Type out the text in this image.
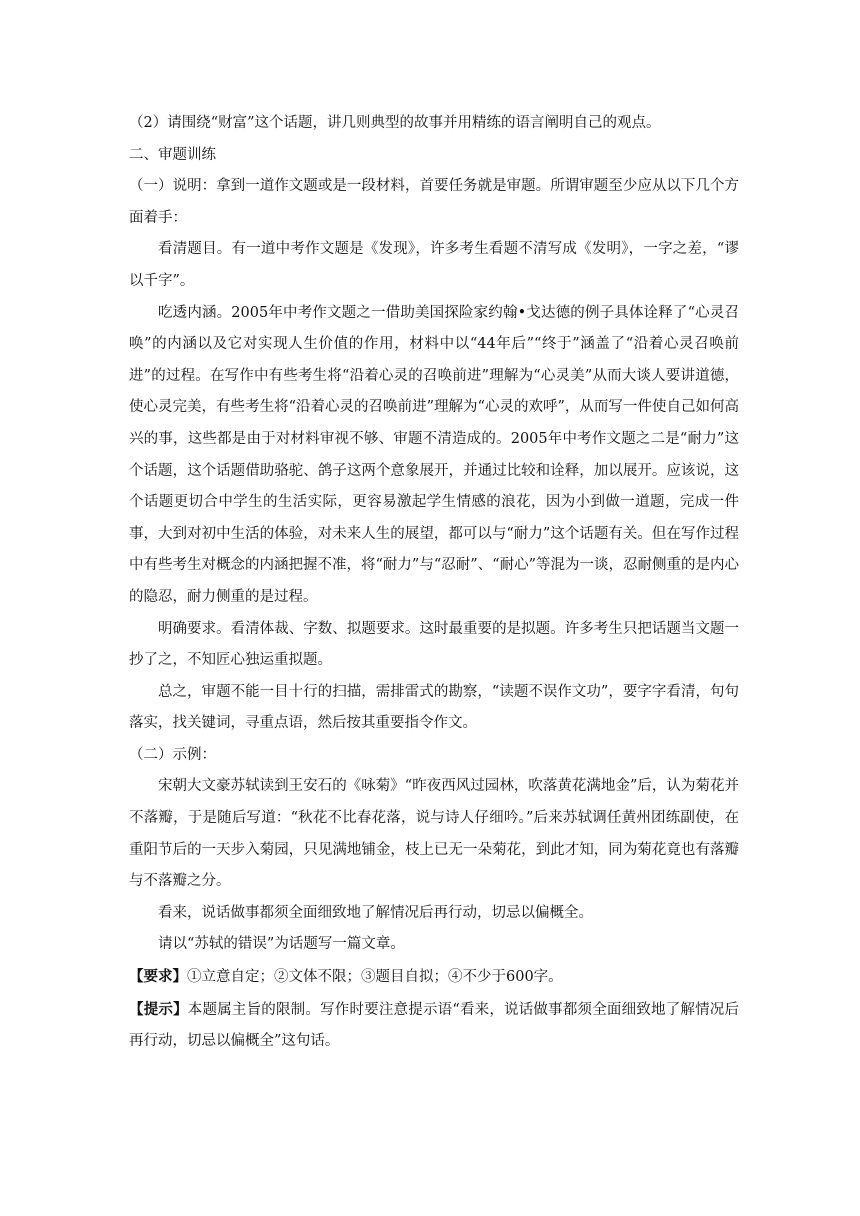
（2）请围绕“财富”这个话题，讲几则典型的故事并用精练的语言阐明自己的观点。

二、审题训练

（一）说明：拿到一道作文题或是一段材料，首要任务就是审题。所谓审题至少应从以下几个方面着手：

看清题目。有一道中考作文题是《发现》，许多考生看题不清写成《发明》，一字之差，“谬以千字”。

吃透内涵。2005年中考作文题之一借助美国探险家约翰•戈达德的例子具体诠释了“心灵召唤”的内涵以及它对实现人生价值的作用，材料中以“44年后”“终于”涵盖了“沿着心灵召唤前进”的过程。在写作中有些考生将“沿着心灵的召唤前进”理解为“心灵美”从而大谈人要讲道德，使心灵完美，有些考生将“沿着心灵的召唤前进”理解为“心灵的欢呼”，从而写一件使自己如何高兴的事，这些都是由于对材料审视不够、审题不清造成的。2005年中考作文题之二是“耐力”这个话题，这个话题借助骆驼、鸽子这两个意象展开，并通过比较和诠释，加以展开。应该说，这个话题更切合中学生的生活实际，更容易激起学生情感的浪花，因为小到做一道题，完成一件事，大到对初中生活的体验，对未来人生的展望，都可以与“耐力”这个话题有关。但在写作过程中有些考生对概念的内涵把握不准，将“耐力”与“忍耐”、“耐心”等混为一谈，忍耐侧重的是内心的隐忍，耐力侧重的是过程。

明确要求。看清体裁、字数、拟题要求。这时最重要的是拟题。许多考生只把话题当文题一抄了之，不知匠心独运重拟题。

总之，审题不能一目十行的扫描，需排雷式的勘察，“读题不误作文功”，要字字看清，句句落实，找关键词，寻重点语，然后按其重要指令作文。

（二）示例：

宋朝大文豪苏轼读到王安石的《咏菊》“昨夜西风过园林，吹落黄花满地金”后，认为菊花并不落瓣，于是随后写道：“秋花不比春花落，说与诗人仔细吟。”后来苏轼调任黄州团练副使，在重阳节后的一天步入菊园，只见满地铺金，枝上已无一朵菊花，到此才知，同为菊花竟也有落瓣与不落瓣之分。

看来，说话做事都须全面细致地了解情况后再行动，切忌以偏概全。

请以“苏轼的错误”为话题写一篇文章。

【要求】①立意自定；②文体不限；③题目自拟；④不少于600字。

【提示】本题属主旨的限制。写作时要注意提示语“看来，说话做事都须全面细致地了解情况后再行动，切忌以偏概全”这句话。
